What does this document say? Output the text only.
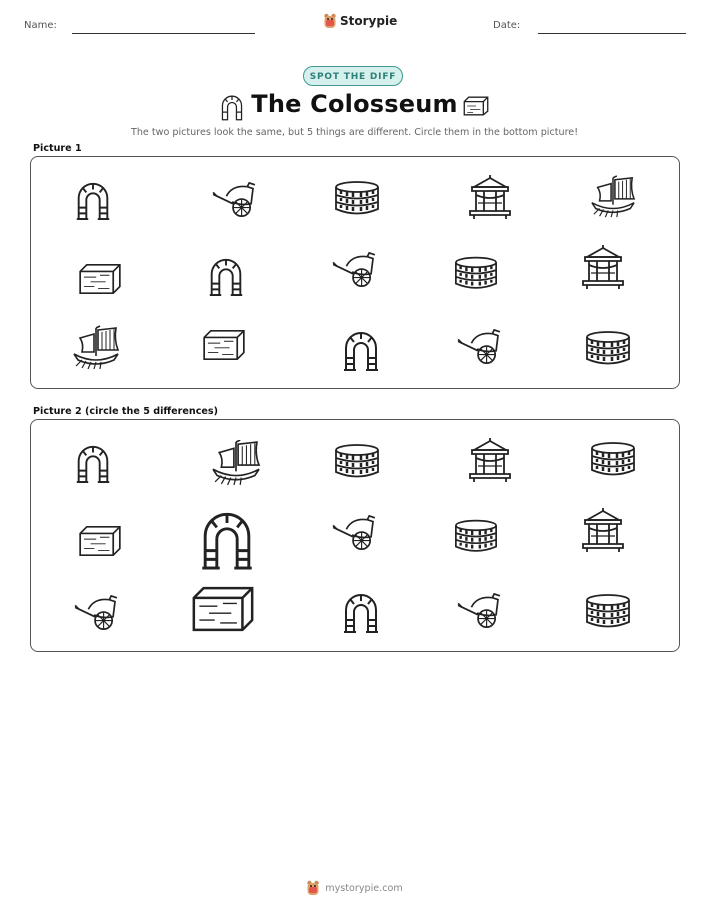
Name:	Storypie	Date:
SPOT THE DIFF
The Colosseum
The two pictures look the same, but 5 things are different. Circle them in the bottom picture!
Picture 1
Picture 2 (circle the 5 differences)
mystorypie.com
